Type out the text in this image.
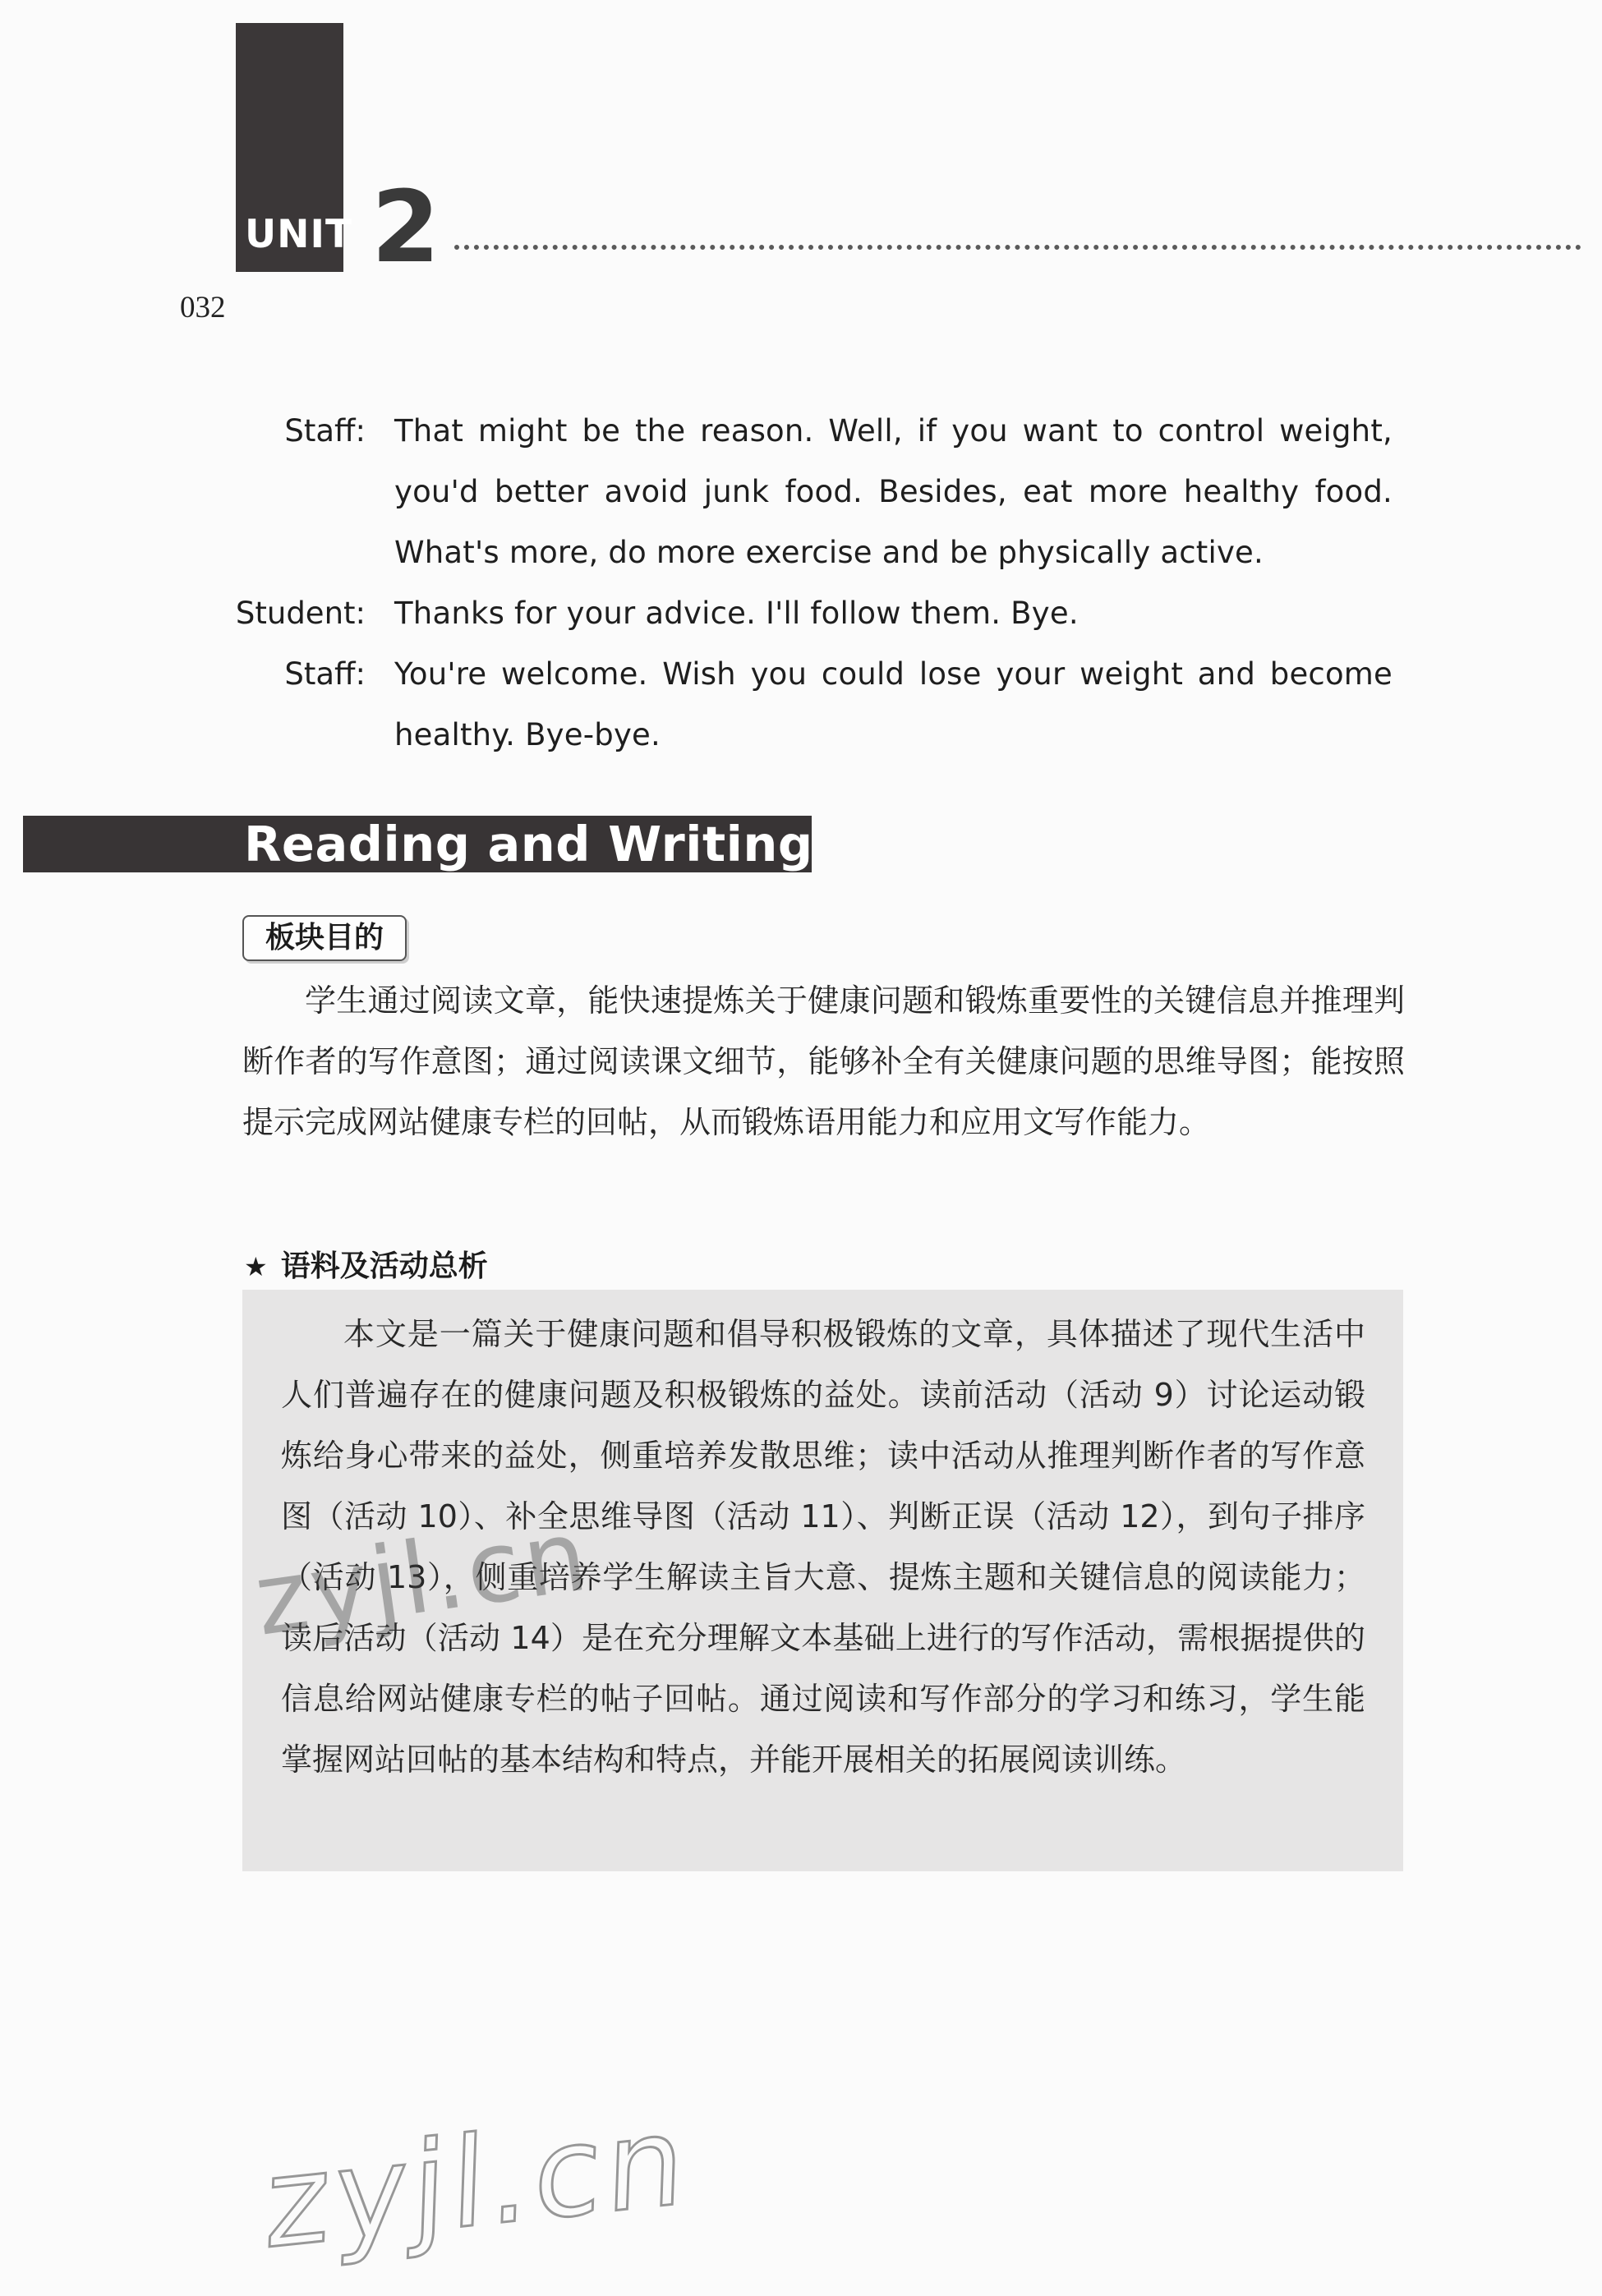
UNIT 2
032
Staff: That might be the reason. Well, if you want to control weight, you'd better avoid junk food. Besides, eat more healthy food. What's more, do more exercise and be physically active.
Student: Thanks for your advice. I'll follow them. Bye.
Staff: You're welcome. Wish you could lose your weight and become healthy. Bye-bye.
Reading and Writing
板块目的
学生通过阅读文章，能快速提炼关于健康问题和锻炼重要性的关键信息并推理判断作者的写作意图；通过阅读课文细节，能够补全有关健康问题的思维导图；能按照提示完成网站健康专栏的回帖，从而锻炼语用能力和应用文写作能力。
★ 语料及活动总析
本文是一篇关于健康问题和倡导积极锻炼的文章，具体描述了现代生活中人们普遍存在的健康问题及积极锻炼的益处。读前活动（活动 9）讨论运动锻炼给身心带来的益处，侧重培养发散思维；读中活动从推理判断作者的写作意图（活动 10）、补全思维导图（活动 11）、判断正误（活动 12），到句子排序（活动 13），侧重培养学生解读主旨大意、提炼主题和关键信息的阅读能力；读后活动（活动 14）是在充分理解文本基础上进行的写作活动，需根据提供的信息给网站健康专栏的帖子回帖。通过阅读和写作部分的学习和练习，学生能掌握网站回帖的基本结构和特点，并能开展相关的拓展阅读训练。
zyjl.cn
zyjl.cn
